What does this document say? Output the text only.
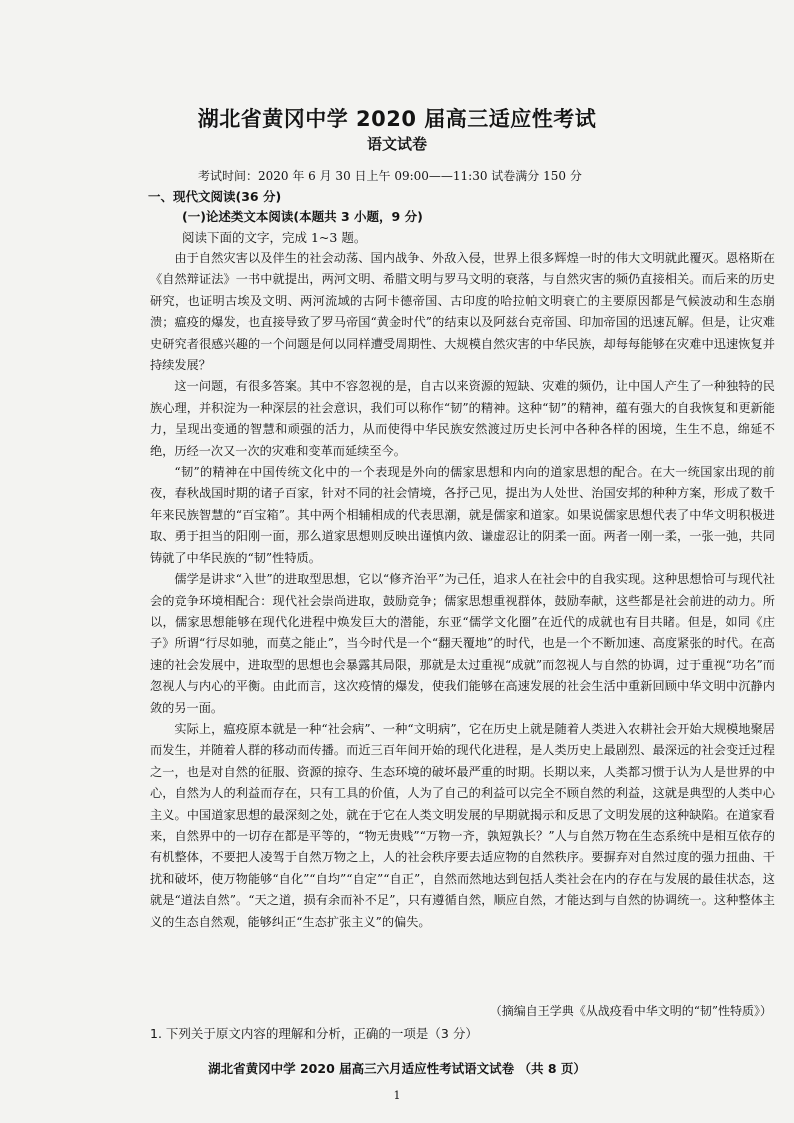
湖北省黄冈中学 2020 届高三适应性考试
语文试卷
考试时间：2020 年 6 月 30 日上午 09:00——11:30 试卷满分 150 分
一、现代文阅读(36 分)
(一)论述类文本阅读(本题共 3 小题，9 分)
阅读下面的文字，完成 1~3 题。

由于自然灾害以及伴生的社会动荡、国内战争、外敌入侵，世界上很多辉煌一时的伟大文明就此覆灭。恩格斯在《自然辩证法》一书中就提出，两河文明、希腊文明与罗马文明的衰落，与自然灾害的频仍直接相关。而后来的历史研究，也证明古埃及文明、两河流域的古阿卡德帝国、古印度的哈拉帕文明衰亡的主要原因都是气候波动和生态崩溃；瘟疫的爆发，也直接导致了罗马帝国“黄金时代”的结束以及阿兹台克帝国、印加帝国的迅速瓦解。但是，让灾难史研究者很感兴趣的一个问题是何以同样遭受周期性、大规模自然灾害的中华民族，却每每能够在灾难中迅速恢复并持续发展？

这一问题，有很多答案。其中不容忽视的是，自古以来资源的短缺、灾难的频仍，让中国人产生了一种独特的民族心理，并积淀为一种深层的社会意识，我们可以称作“韧”的精神。这种“韧”的精神，蕴有强大的自我恢复和更新能力，呈现出变通的智慧和顽强的活力，从而使得中华民族安然渡过历史长河中各种各样的困境，生生不息，绵延不绝，历经一次又一次的灾难和变革而延续至今。

“韧”的精神在中国传统文化中的一个表现是外向的儒家思想和内向的道家思想的配合。在大一统国家出现的前夜，春秋战国时期的诸子百家，针对不同的社会情境，各抒己见，提出为人处世、治国安邦的种种方案，形成了数千年来民族智慧的“百宝箱”。其中两个相辅相成的代表思潮，就是儒家和道家。如果说儒家思想代表了中华文明积极进取、勇于担当的阳刚一面，那么道家思想则反映出谨慎内敛、谦虚忍让的阴柔一面。两者一刚一柔，一张一弛，共同铸就了中华民族的“韧”性特质。

儒学是讲求“入世”的进取型思想，它以“修齐治平”为己任，追求人在社会中的自我实现。这种思想恰可与现代社会的竞争环境相配合：现代社会崇尚进取，鼓励竞争；儒家思想重视群体，鼓励奉献，这些都是社会前进的动力。所以，儒家思想能够在现代化进程中焕发巨大的潜能，东亚“儒学文化圈”在近代的成就也有目共睹。但是，如同《庄子》所谓“行尽如驰，而莫之能止”，当今时代是一个“翻天覆地”的时代，也是一个不断加速、高度紧张的时代。在高速的社会发展中，进取型的思想也会暴露其局限，那就是太过重视“成就”而忽视人与自然的协调，过于重视“功名”而忽视人与内心的平衡。由此而言，这次疫情的爆发，使我们能够在高速发展的社会生活中重新回顾中华文明中沉静内敛的另一面。

实际上，瘟疫原本就是一种“社会病”、一种“文明病”，它在历史上就是随着人类进入农耕社会开始大规模地聚居而发生，并随着人群的移动而传播。而近三百年间开始的现代化进程，是人类历史上最剧烈、最深远的社会变迁过程之一，也是对自然的征服、资源的掠夺、生态环境的破坏最严重的时期。长期以来，人类都习惯于认为人是世界的中心，自然为人的利益而存在，只有工具的价值，人为了自己的利益可以完全不顾自然的利益，这就是典型的人类中心主义。中国道家思想的最深刻之处，就在于它在人类文明发展的早期就揭示和反思了文明发展的这种缺陷。在道家看来，自然界中的一切存在都是平等的，“物无贵贱”“万物一齐，孰短孰长？”人与自然万物在生态系统中是相互依存的有机整体，不要把人凌驾于自然万物之上，人的社会秩序要去适应物的自然秩序。要摒弃对自然过度的强力扭曲、干扰和破坏，使万物能够“自化”“自均”“自定”“自正”，自然而然地达到包括人类社会在内的存在与发展的最佳状态，这就是“道法自然”。“天之道，损有余而补不足”，只有遵循自然，顺应自然，才能达到与自然的协调统一。这种整体主义的生态自然观，能够纠正“生态扩张主义”的偏失。

（摘编自王学典《从战疫看中华文明的“韧”性特质》）
1. 下列关于原文内容的理解和分析，正确的一项是（3 分）
湖北省黄冈中学 2020 届高三六月适应性考试语文试卷 （共 8 页）
1
